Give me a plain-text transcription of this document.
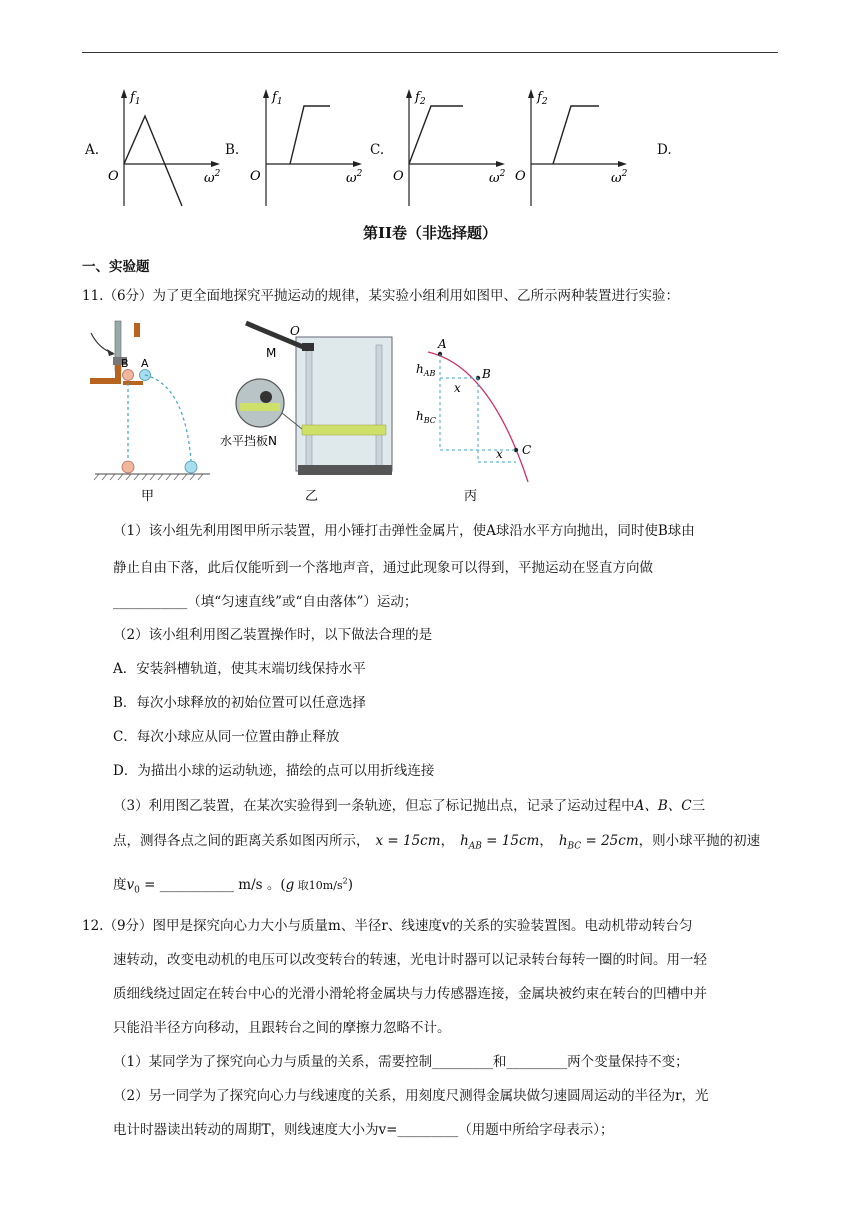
A.	B.	C.	D.
$f_1$
O	$\omega^2$
$f_1$
O	$\omega^2$
$f_2$
O	$\omega^2$
$f_2$
O	$\omega^2$
第II卷（非选择题）
一、实验题
11.（6分）为了更全面地探究平抛运动的规律，某实验小组利用如图甲、乙所示两种装置进行实验：
B A
甲
O
M
水平挡板N
乙
A
B
C
$h_{AB}$
$h_{BC}$
x
x
丙
（1）该小组先利用图甲所示装置，用小锤打击弹性金属片，使A球沿水平方向抛出，同时使B球由
静止自由下落，此后仅能听到一个落地声音，通过此现象可以得到，平抛运动在竖直方向做
___________（填“匀速直线”或“自由落体”）运动；
（2）该小组利用图乙装置操作时，以下做法合理的是
A．安装斜槽轨道，使其末端切线保持水平
B．每次小球释放的初始位置可以任意选择
C．每次小球应从同一位置由静止释放
D．为描出小球的运动轨迹，描绘的点可以用折线连接
（3）利用图乙装置，在某次实验得到一条轨迹，但忘了标记抛出点，记录了运动过程中A、B、C三
点，测得各点之间的距离关系如图丙所示， x = 15cm， $h_{AB} = 15cm$， $h_{BC} = 25cm$，则小球平抛的初速
度$v_0$ = ___________ m/s 。(g 取$10m/s^2$)
12.（9分）图甲是探究向心力大小与质量m、半径r、线速度v的关系的实验装置图。电动机带动转台匀
速转动，改变电动机的电压可以改变转台的转速，光电计时器可以记录转台每转一圈的时间。用一轻
质细线绕过固定在转台中心的光滑小滑轮将金属块与力传感器连接，金属块被约束在转台的凹槽中并
只能沿半径方向移动，且跟转台之间的摩擦力忽略不计。
（1）某同学为了探究向心力与质量的关系，需要控制_________和_________两个变量保持不变；
（2）另一同学为了探究向心力与线速度的关系，用刻度尺测得金属块做匀速圆周运动的半径为r，光
电计时器读出转动的周期T，则线速度大小为v=_________（用题中所给字母表示）；
